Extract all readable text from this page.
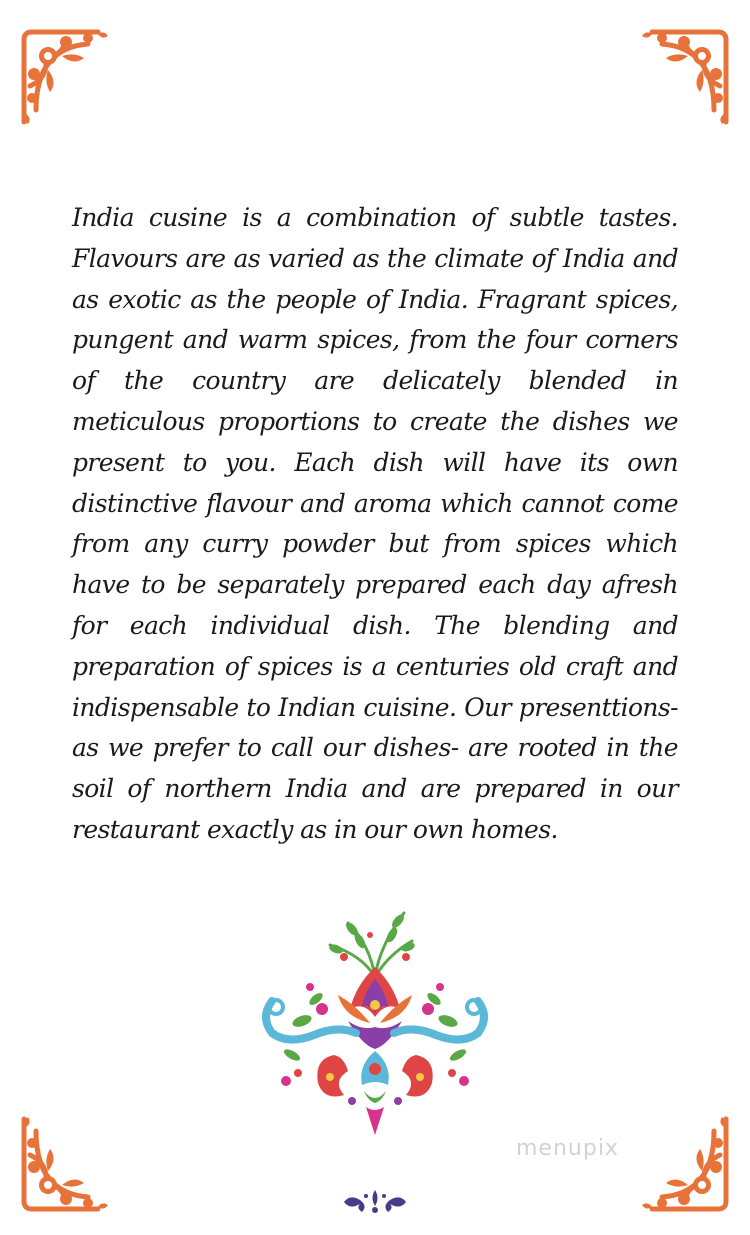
India cusine is a combination of subtle tastes. Flavours are as varied as the climate of India and as exotic as the people of India. Fragrant spices, pungent and warm spices, from the four corners of the country are delicately blended in meticulous proportions to create the dishes we present to you. Each dish will have its own distinctive flavour and aroma which cannot come from any curry powder but from spices which have to be separately prepared each day afresh for each individual dish. The blending and preparation of spices is a centuries old craft and indispensable to Indian cuisine. Our presenttions- as we prefer to call our dishes- are rooted in the soil of northern India and are prepared in our restaurant exactly as in our own homes.

menupix
